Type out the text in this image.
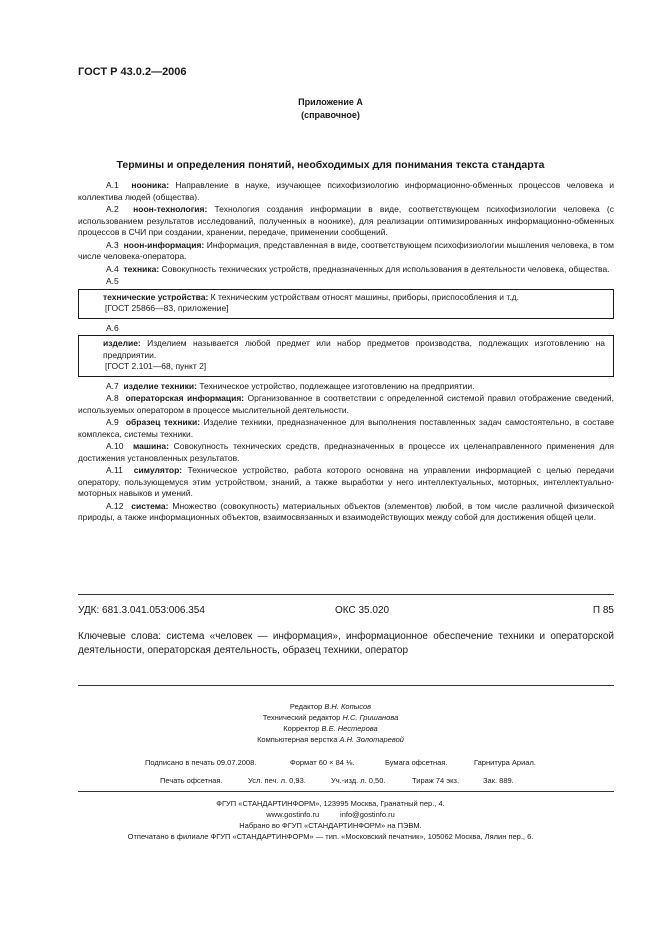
ГОСТ Р 43.0.2—2006
Приложение А
(справочное)
Термины и определения понятий, необходимых для понимания текста стандарта

А.1 нооника: Направление в науке, изучающее психофизиологию информационно-обменных процессов человека и коллектива людей (общества).

А.2 ноон-технология: Технология создания информации в виде, соответствующем психофизиологии человека (с использованием результатов исследований, полученных в ноонике), для реализации оптимизированных информационно-обменных процессов в СЧИ при создании, хранении, передаче, применении сообщений.

А.3 ноон-информация: Информация, представленная в виде, соответствующем психофизиологии мышления человека, в том числе человека-оператора.

А.4 техника: Совокупность технических устройств, предназначенных для использования в деятельности человека, общества.

А.5

технические устройства: К техническим устройствам относят машины, приборы, приспособления и т.д.

[ГОСТ 25866—83, приложение]

А.6

изделие: Изделием называется любой предмет или набор предметов производства, подлежащих изготовлению на предприятии.

[ГОСТ 2.101—68, пункт 2]

А.7 изделие техники: Техническое устройство, подлежащее изготовлению на предприятии.

А.8 операторская информация: Организованное в соответствии с определенной системой правил отображение сведений, используемых оператором в процессе мыслительной деятельности.

А.9 образец техники: Изделие техники, предназначенное для выполнения поставленных задач самостоятельно, в составе комплекса, системы техники.

А.10 машина: Совокупность технических средств, предназначенных в процессе их целенаправленного применения для достижения установленных результатов.

А.11 симулятор: Техническое устройство, работа которого основана на управлении информацией с целью передачи оператору, пользующемуся этим устройством, знаний, а также выработки у него интеллектуальных, моторных, интеллектуально-моторных навыков и умений.

А.12 система: Множество (совокупность) материальных объектов (элементов) любой, в том числе различной физической природы, а также информационных объектов, взаимосвязанных и взаимодействующих между собой для достижения общей цели.

УДК: 681.3.041.053:006.354	ОКС 35.020	П 85
Ключевые слова: система «человек — информация», информационное обеспечение техники и операторской деятельности, операторская деятельность, образец техники, оператор

Редактор В.Н. Копысов

Технический редактор Н.С. Гришанова

Корректор В.Е. Нестерова

Компьютерная верстка А.Н. Золотаревой

Подписано в печать 09.07.2008.	Формат 60 × 84 ⅛.	Бумага офсетная.	Гарнитура Ариал.
Печать офсетная.	Усл. печ. л. 0,93.	Уч.-изд. л. 0,50.	Тираж 74 экз.	Зак. 889.

ФГУП «СТАНДАРТИНФОРМ», 123995 Москва, Гранатный пер., 4.

www.gostinfo.ru	info@gostinfo.ru

Набрано во ФГУП «СТАНДАРТИНФОРМ» на ПЭВМ.

Отпечатано в филиале ФГУП «СТАНДАРТИНФОРМ» — тип. «Московский печатник», 105062 Москва, Лялин пер., 6.
